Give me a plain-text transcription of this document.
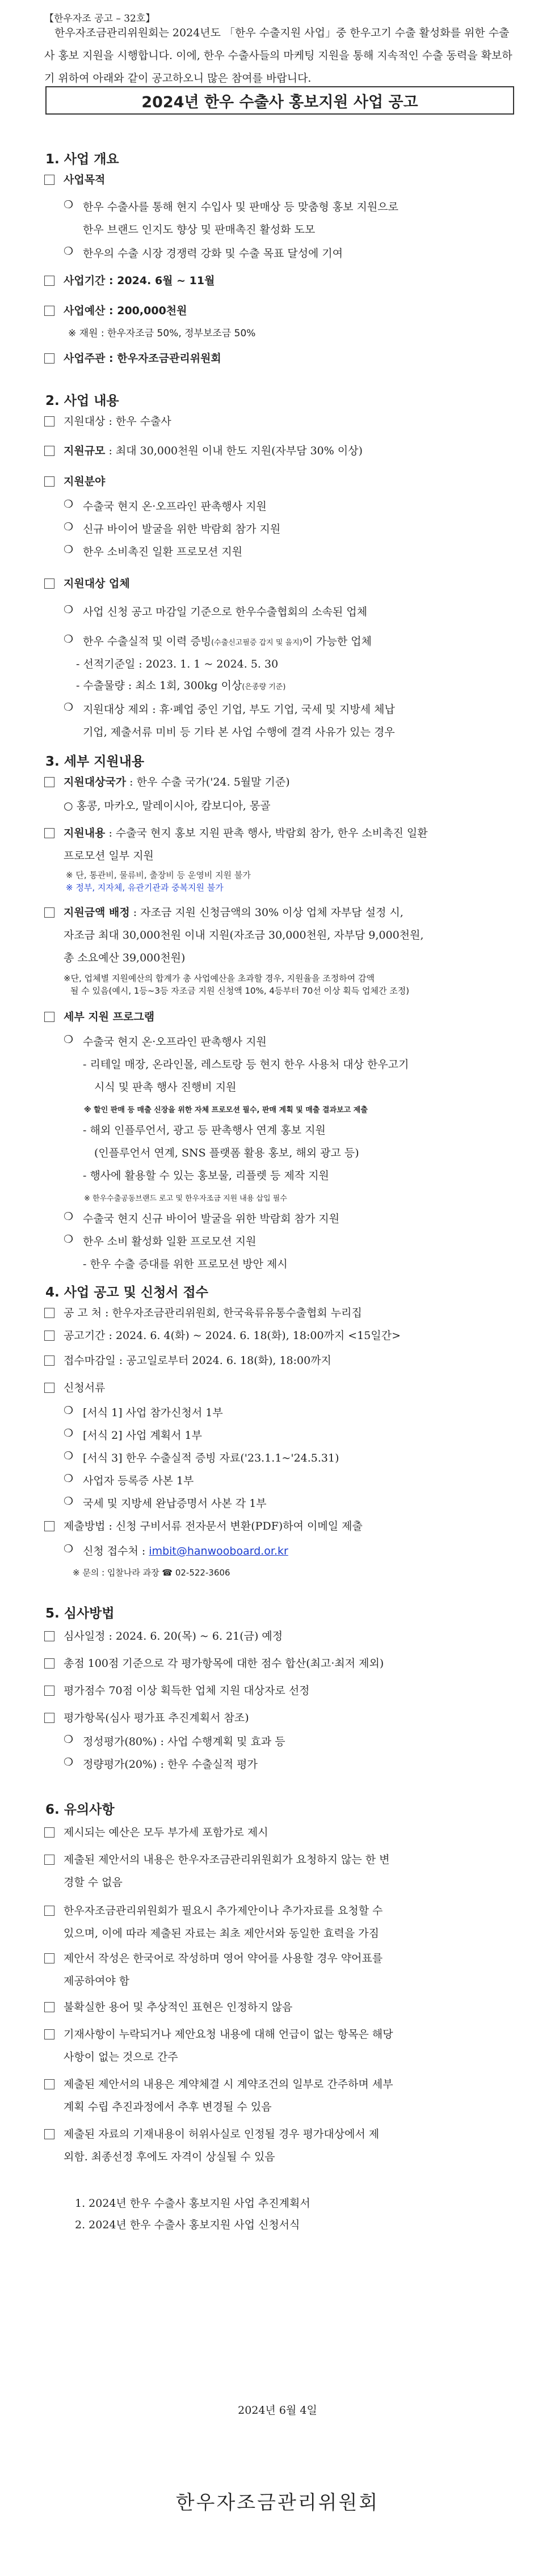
【한우자조 공고 – 32호】
한우자조금관리위원회는 2024년도 「한우 수출지원 사업」중 한우고기 수출 활성화를 위한 수출사 홍보 지원을 시행합니다. 이에, 한우 수출사들의 마케팅 지원을 통해 지속적인 수출 동력을 확보하기 위하여 아래와 같이 공고하오니 많은 참여를 바랍니다.
2024년 한우 수출사 홍보지원 사업 공고
1. 사업 개요
사업목적
❍ 한우 수출사를 통해 현지 수입사 및 판매상 등 맞춤형 홍보 지원으로
한우 브랜드 인지도 향상 및 판매촉진 활성화 도모
❍ 한우의 수출 시장 경쟁력 강화 및 수출 목표 달성에 기여
사업기간 : 2024. 6월 ~ 11월
사업예산 : 200,000천원
※ 재원 : 한우자조금 50%, 정부보조금 50%
사업주관 : 한우자조금관리위원회
2. 사업 내용
지원대상 : 한우 수출사
지원규모 : 최대 30,000천원 이내 한도 지원(자부담 30% 이상)
지원분야
❍ 수출국 현지 온·오프라인 판촉행사 지원
❍ 신규 바이어 발굴을 위한 박람회 참가 지원
❍ 한우 소비촉진 일환 프로모션 지원
지원대상 업체
❍ 사업 신청 공고 마감일 기준으로 한우수출협회의 소속된 업체
❍ 한우 수출실적 및 이력 증빙(수출신고필증 갑지 및 을지)이 가능한 업체
- 선적기준일 : 2023. 1. 1 ~ 2024. 5. 30
- 수출물량 : 최소 1회, 300kg 이상(은종량 기준)
❍ 지원대상 제외 : 휴·폐업 중인 기업, 부도 기업, 국세 및 지방세 체납
기업, 제출서류 미비 등 기타 본 사업 수행에 결격 사유가 있는 경우
3. 세부 지원내용
지원대상국가 : 한우 수출 국가('24. 5월말 기준)
○ 홍콩, 마카오, 말레이시아, 캄보디아, 몽골
지원내용 : 수출국 현지 홍보 지원 판촉 행사, 박람회 참가, 한우 소비촉진 일환
프로모션 일부 지원
※ 단, 통관비, 물류비, 출장비 등 운영비 지원 불가
※ 정부, 지자체, 유관기관과 중복지원 불가
지원금액 배정 : 자조금 지원 신청금액의 30% 이상 업체 자부담 설정 시,
자조금 최대 30,000천원 이내 지원(자조금 30,000천원, 자부담 9,000천원,
총 소요예산 39,000천원)
※단, 업체별 지원예산의 합계가 총 사업예산을 초과할 경우, 지원율을 조정하여 감액
될 수 있음(예시, 1등~3등 자조금 지원 신청액 10%, 4등부터 70선 이상 획득 업체간 조정)
세부 지원 프로그램
❍ 수출국 현지 온·오프라인 판촉행사 지원
- 리테일 매장, 온라인몰, 레스토랑 등 현지 한우 사용처 대상 한우고기
시식 및 판촉 행사 진행비 지원
※ 할인 판매 등 매출 신장을 위한 자체 프로모션 필수, 판매 계획 및 매출 결과보고 제출
- 해외 인플루언서, 광고 등 판촉행사 연계 홍보 지원
(인플루언서 연계, SNS 플랫폼 활용 홍보, 해외 광고 등)
- 행사에 활용할 수 있는 홍보물, 리플렛 등 제작 지원
※ 한우수출공동브랜드 로고 및 한우자조금 지원 내용 삽입 필수
❍ 수출국 현지 신규 바이어 발굴을 위한 박람회 참가 지원
❍ 한우 소비 활성화 일환 프로모션 지원
- 한우 수출 증대를 위한 프로모션 방안 제시
4. 사업 공고 및 신청서 접수
공 고 처 : 한우자조금관리위원회, 한국육류유통수출협회 누리집
공고기간 : 2024. 6. 4(화) ~ 2024. 6. 18(화), 18:00까지 <15일간>
접수마감일 : 공고일로부터 2024. 6. 18(화), 18:00까지
신청서류
❍ [서식 1] 사업 참가신청서 1부
❍ [서식 2] 사업 계획서 1부
❍ [서식 3] 한우 수출실적 증빙 자료('23.1.1~'24.5.31)
❍ 사업자 등록증 사본 1부
❍ 국세 및 지방세 완납증명서 사본 각 1부
제출방법 : 신청 구비서류 전자문서 변환(PDF)하여 이메일 제출
❍ 신청 접수처 : imbit@hanwooboard.or.kr
※ 문의 : 입찰나라 과장 ☎ 02-522-3606
5. 심사방법
심사일정 : 2024. 6. 20(목) ~ 6. 21(금) 예정
총점 100점 기준으로 각 평가항목에 대한 점수 합산(최고·최저 제외)
평가점수 70점 이상 획득한 업체 지원 대상자로 선정
평가항목(심사 평가표 추진계획서 참조)
❍ 정성평가(80%) : 사업 수행계획 및 효과 등
❍ 정량평가(20%) : 한우 수출실적 평가
6. 유의사항
제시되는 예산은 모두 부가세 포함가로 제시
제출된 제안서의 내용은 한우자조금관리위원회가 요청하지 않는 한 변
경할 수 없음
한우자조금관리위원회가 필요시 추가제안이나 추가자료를 요청할 수
있으며, 이에 따라 제출된 자료는 최초 제안서와 동일한 효력을 가짐
제안서 작성은 한국어로 작성하며 영어 약어를 사용할 경우 약어표를
제공하여야 함
불확실한 용어 및 추상적인 표현은 인정하지 않음
기재사항이 누락되거나 제안요청 내용에 대해 언급이 없는 항목은 해당
사항이 없는 것으로 간주
제출된 제안서의 내용은 계약체결 시 계약조건의 일부로 간주하며 세부
계획 수립 추진과정에서 추후 변경될 수 있음
제출된 자료의 기재내용이 허위사실로 인정될 경우 평가대상에서 제
외함. 최종선정 후에도 자격이 상실될 수 있음
1. 2024년 한우 수출사 홍보지원 사업 추진계획서
2. 2024년 한우 수출사 홍보지원 사업 신청서식
2024년 6월 4일
한우자조금관리위원회
